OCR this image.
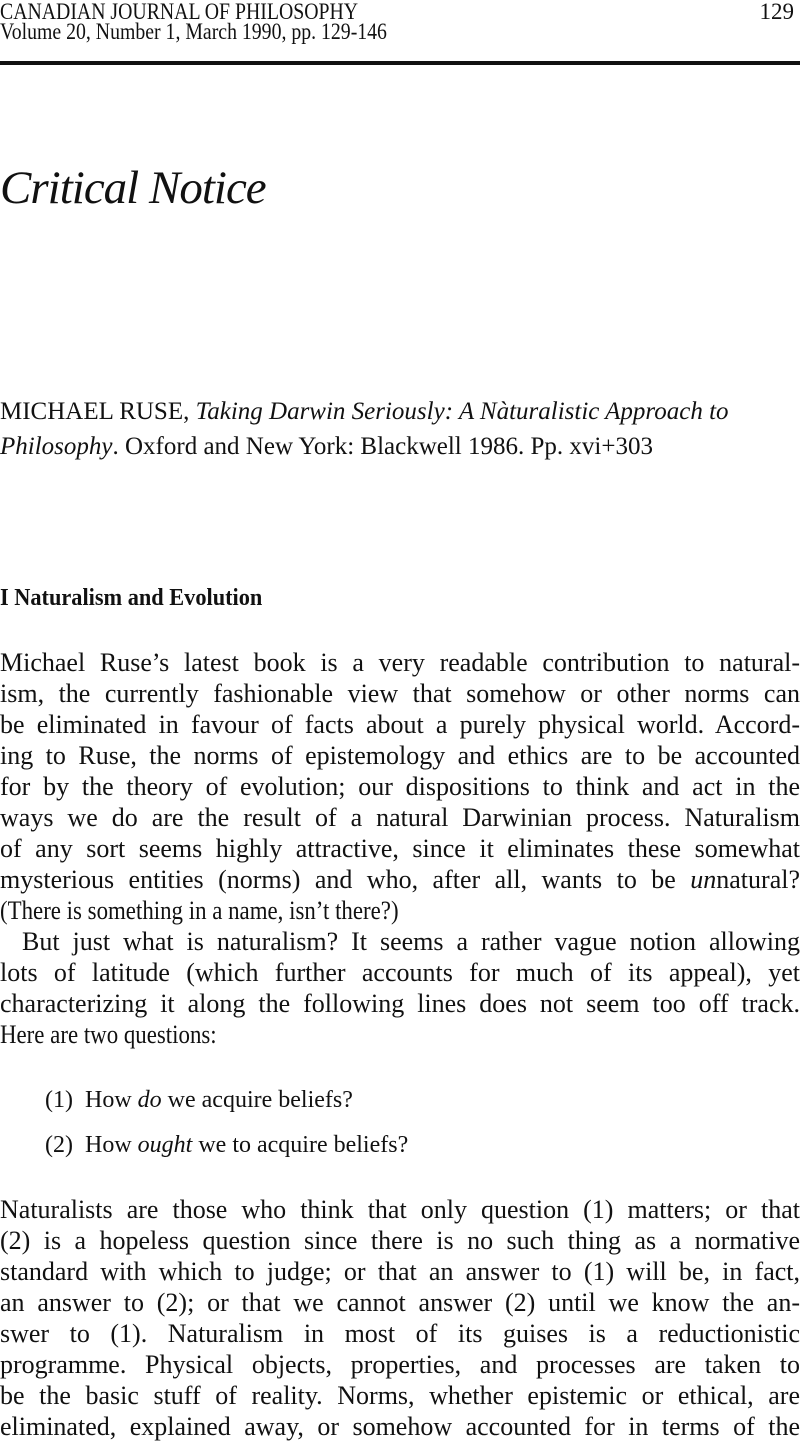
CANADIAN JOURNAL OF PHILOSOPHY
Volume 20, Number 1, March 1990, pp. 129-146
129
Critical Notice
MICHAEL RUSE, Taking Darwin Seriously: A Nàturalistic Approach to
Philosophy. Oxford and New York: Blackwell 1986. Pp. xvi+303
I Naturalism and Evolution
Michael Ruse’s latest book is a very readable contribution to natural-
ism, the currently fashionable view that somehow or other norms can
be eliminated in favour of facts about a purely physical world. Accord-
ing to Ruse, the norms of epistemology and ethics are to be accounted
for by the theory of evolution; our dispositions to think and act in the
ways we do are the result of a natural Darwinian process. Naturalism
of any sort seems highly attractive, since it eliminates these somewhat
mysterious entities (norms) and who, after all, wants to be unnatural?
(There is something in a name, isn’t there?)
But just what is naturalism? It seems a rather vague notion allowing
lots of latitude (which further accounts for much of its appeal), yet
characterizing it along the following lines does not seem too off track.
Here are two questions:
(1) How do we acquire beliefs?
(2) How ought we to acquire beliefs?
Naturalists are those who think that only question (1) matters; or that
(2) is a hopeless question since there is no such thing as a normative
standard with which to judge; or that an answer to (1) will be, in fact,
an answer to (2); or that we cannot answer (2) until we know the an-
swer to (1). Naturalism in most of its guises is a reductionistic
programme. Physical objects, properties, and processes are taken to
be the basic stuff of reality. Norms, whether epistemic or ethical, are
eliminated, explained away, or somehow accounted for in terms of the
